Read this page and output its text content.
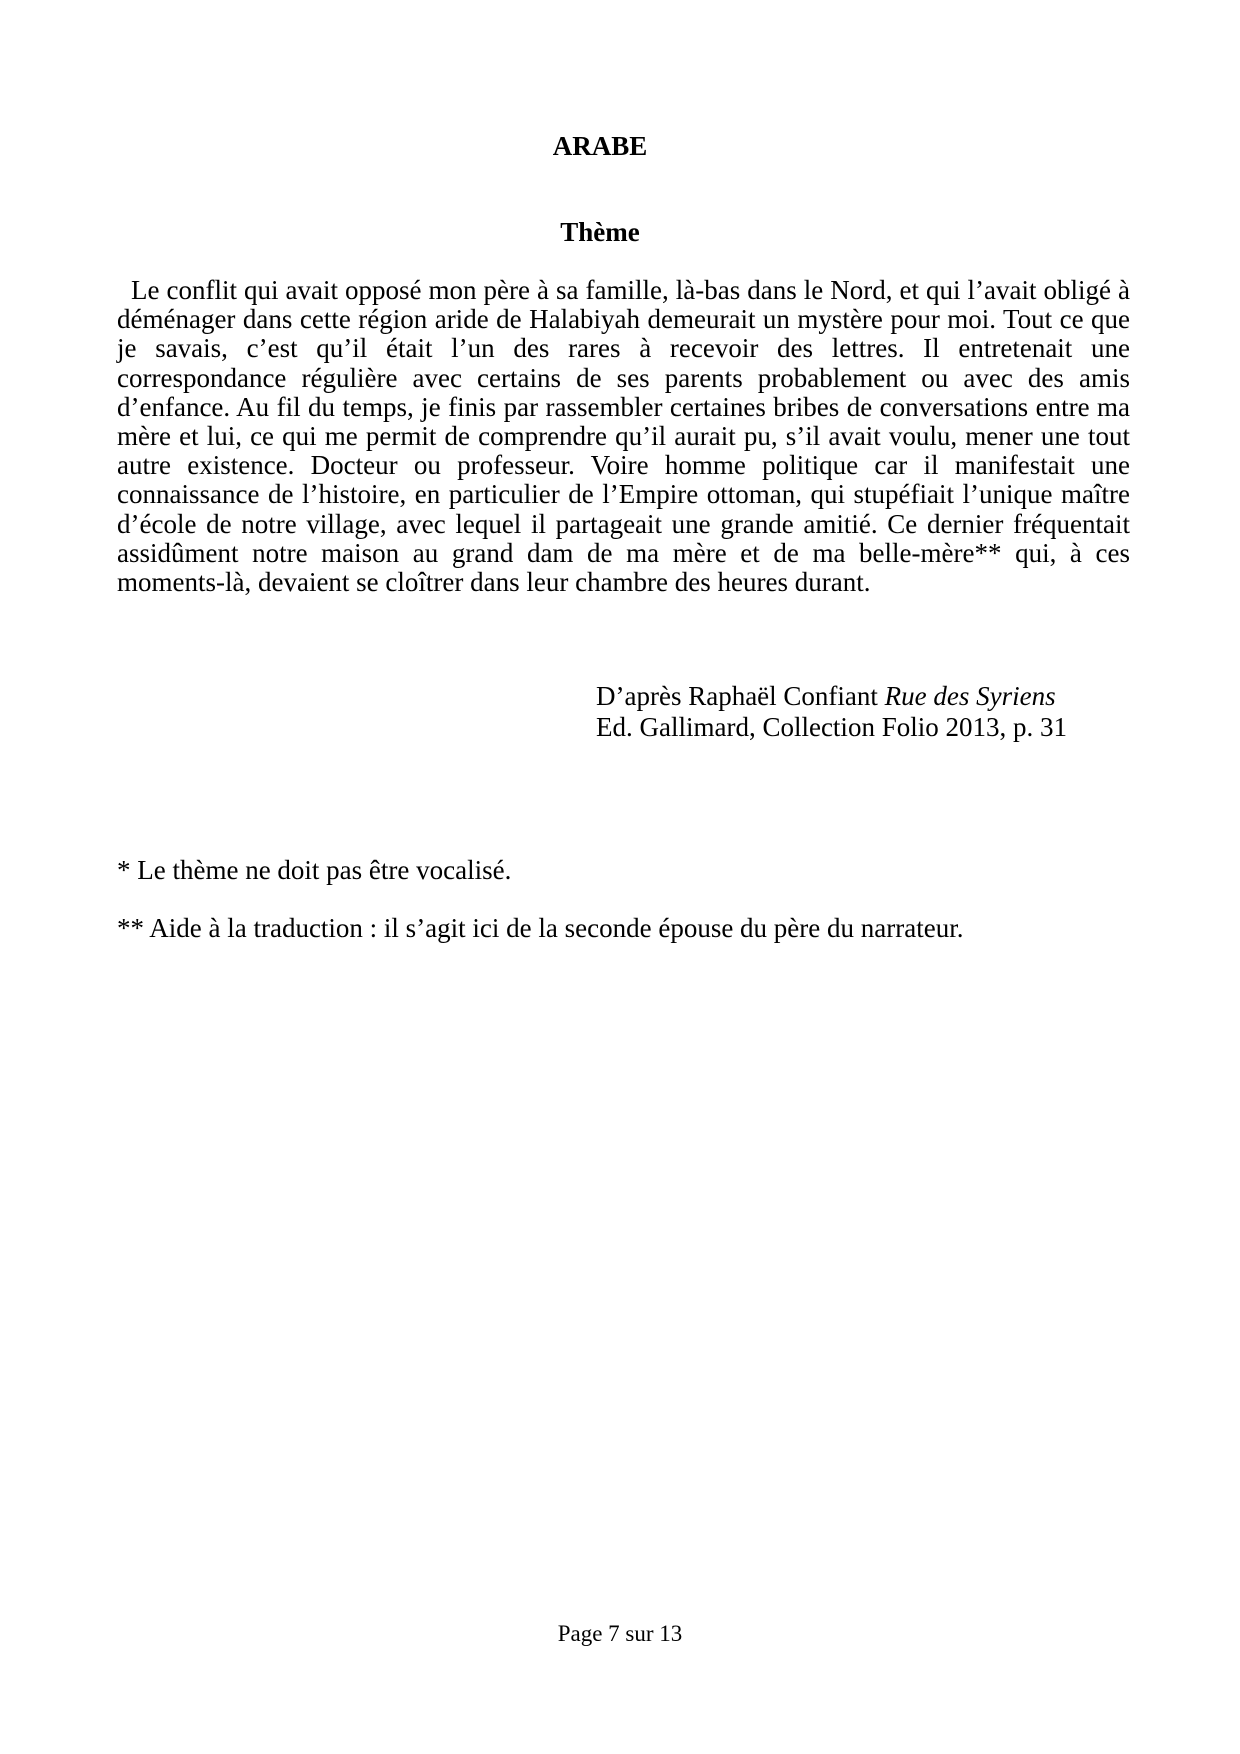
ARABE
Thème

Le conflit qui avait opposé mon père à sa famille, là-bas dans le Nord, et qui l’avait obligé à déménager dans cette région aride de Halabiyah demeurait un mystère pour moi. Tout ce que je savais, c’est qu’il était l’un des rares à recevoir des lettres. Il entretenait une correspondance régulière avec certains de ses parents probablement ou avec des amis d’enfance. Au fil du temps, je finis par rassembler certaines bribes de conversations entre ma mère et lui, ce qui me permit de comprendre qu’il aurait pu, s’il avait voulu, mener une tout autre existence. Docteur ou professeur. Voire homme politique car il manifestait une connaissance de l’histoire, en particulier de l’Empire ottoman, qui stupéfiait l’unique maître d’école de notre village, avec lequel il partageait une grande amitié. Ce dernier fréquentait assidûment notre maison au grand dam de ma mère et de ma belle-mère** qui, à ces moments-là, devaient se cloîtrer dans leur chambre des heures durant.

D’après Raphaël Confiant Rue des Syriens
Ed. Gallimard, Collection Folio 2013, p. 31
* Le thème ne doit pas être vocalisé.
** Aide à la traduction : il s’agit ici de la seconde épouse du père du narrateur.
Page 7 sur 13
